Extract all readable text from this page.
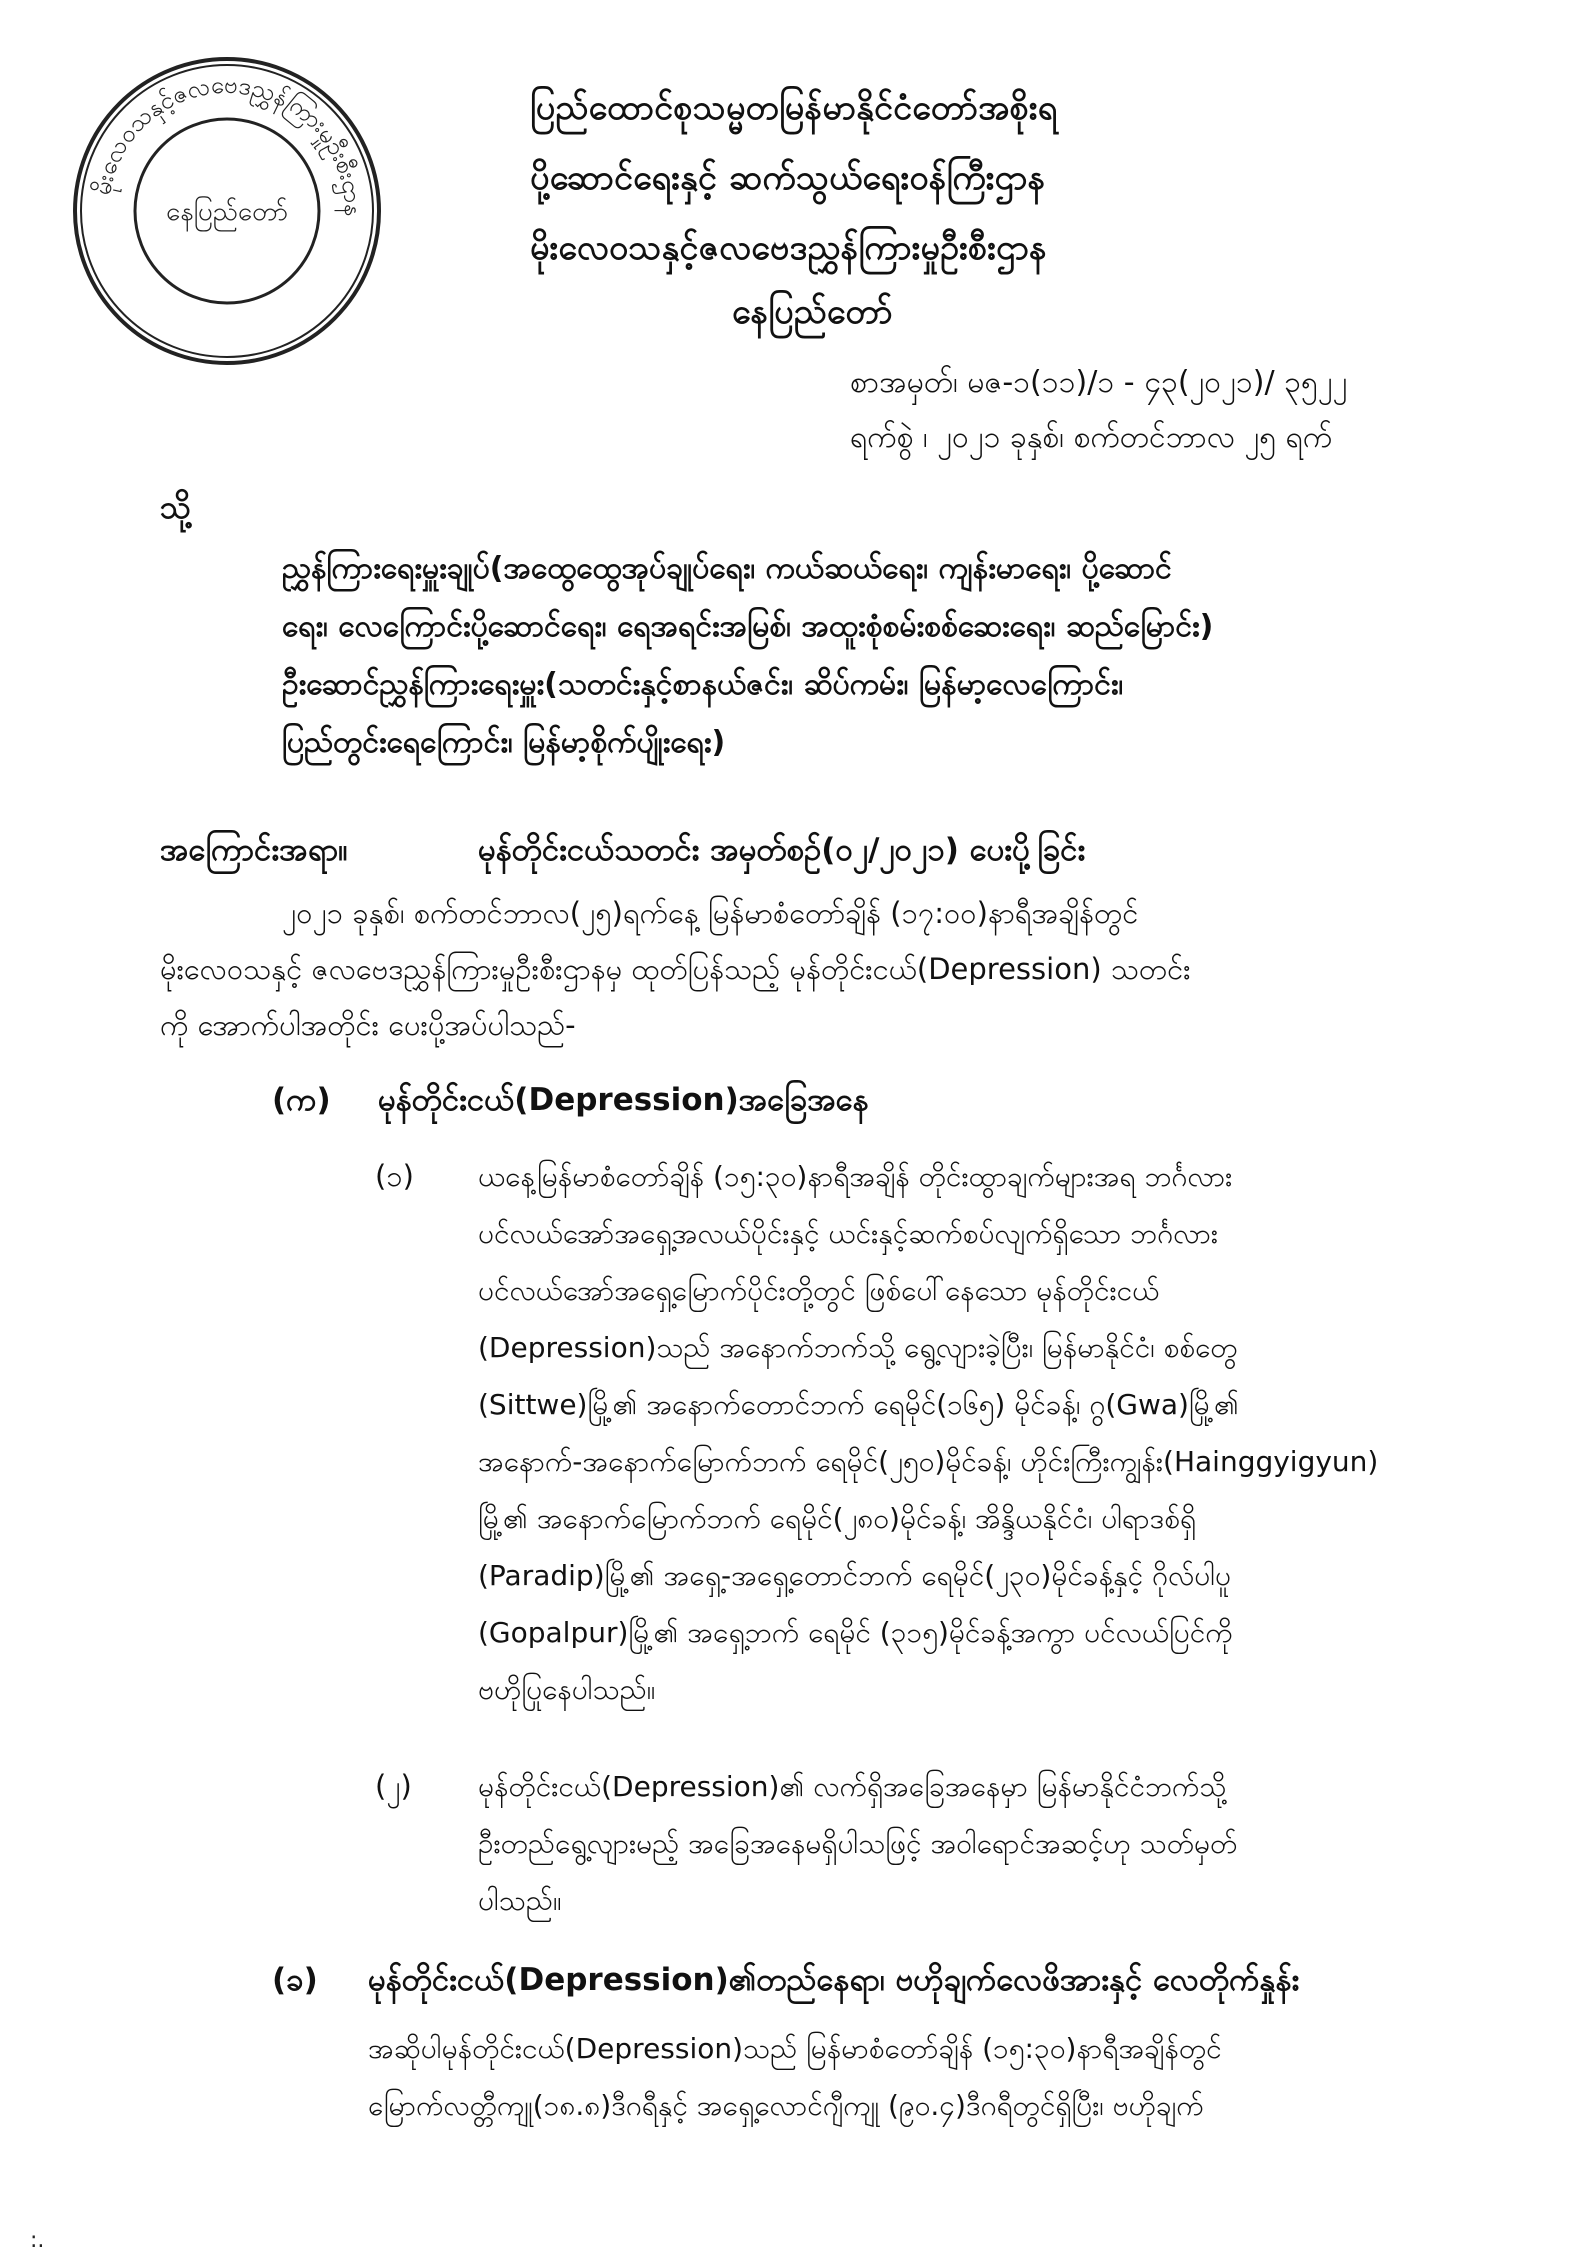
မိုးလေဝသနှင့်ဇလဗေဒညွှန်ကြားမှုဦးစီးဌာန
နေပြည်တော်
ပြည်ထောင်စုသမ္မတမြန်မာနိုင်ငံတော်အစိုးရ
ပို့ဆောင်ရေးနှင့် ဆက်သွယ်ရေးဝန်ကြီးဌာန
မိုးလေဝသနှင့်ဇလဗေဒညွှန်ကြားမှုဦးစီးဌာန
နေပြည်တော်
စာအမှတ်၊ မဇ-၁(၁၁)/၁ - ၄၃(၂၀၂၁)/ ၃၅၂၂
ရက်စွဲ ၊ ၂၀၂၁ ခုနှစ်၊ စက်တင်ဘာလ ၂၅ ရက်
သို့
ညွှန်ကြားရေးမှူးချုပ်(အထွေထွေအုပ်ချုပ်ရေး၊ ကယ်ဆယ်ရေး၊ ကျန်းမာရေး၊ ပို့ဆောင်
ရေး၊ လေကြောင်းပို့ဆောင်ရေး၊ ရေအရင်းအမြစ်၊ အထူးစုံစမ်းစစ်ဆေးရေး၊ ဆည်မြောင်း)
ဦးဆောင်ညွှန်ကြားရေးမှူး(သတင်းနှင့်စာနယ်ဇင်း၊ ဆိပ်ကမ်း၊ မြန်မာ့လေကြောင်း၊
ပြည်တွင်းရေကြောင်း၊ မြန်မာ့စိုက်ပျိုးရေး)
အကြောင်းအရာ။	မုန်တိုင်းငယ်သတင်း အမှတ်စဉ်(၀၂/၂၀၂၁) ပေးပို့ခြင်း
၂၀၂၁ ခုနှစ်၊ စက်တင်ဘာလ(၂၅)ရက်နေ့ မြန်မာစံတော်ချိန် (၁၇:၀၀)နာရီအချိန်တွင်
မိုးလေဝသနှင့် ဇလဗေဒညွှန်ကြားမှုဦးစီးဌာနမှ ထုတ်ပြန်သည့် မုန်တိုင်းငယ်(Depression) သတင်း
ကို အောက်ပါအတိုင်း ပေးပို့အပ်ပါသည်-
(က) မုန်တိုင်းငယ်(Depression)အခြေအနေ
(၁) ယနေ့မြန်မာစံတော်ချိန် (၁၅:၃၀)နာရီအချိန် တိုင်းထွာချက်များအရ ဘင်္ဂလား
ပင်လယ်အော်အရှေ့အလယ်ပိုင်းနှင့် ယင်းနှင့်ဆက်စပ်လျက်ရှိသော ဘင်္ဂလား
ပင်လယ်အော်အရှေ့မြောက်ပိုင်းတို့တွင် ဖြစ်ပေါ်နေသော မုန်တိုင်းငယ်
(Depression)သည် အနောက်ဘက်သို့ ရွေ့လျားခဲ့ပြီး၊ မြန်မာနိုင်ငံ၊ စစ်တွေ
(Sittwe)မြို့၏ အနောက်တောင်ဘက် ရေမိုင်(၁၆၅) မိုင်ခန့်၊ ဂွ(Gwa)မြို့၏
အနောက်-အနောက်မြောက်ဘက် ရေမိုင်(၂၅၀)မိုင်ခန့်၊ ဟိုင်းကြီးကျွန်း(Hainggyigyun)
မြို့၏ အနောက်မြောက်ဘက် ရေမိုင်(၂၈၀)မိုင်ခန့်၊ အိန္ဒိယနိုင်ငံ၊ ပါရာဒစ်ရှိ
(Paradip)မြို့၏ အရှေ့-အရှေ့တောင်ဘက် ရေမိုင်(၂၃၀)မိုင်ခန့်နှင့် ဂိုလ်ပါပူ
(Gopalpur)မြို့၏ အရှေ့ဘက် ရေမိုင် (၃၁၅)မိုင်ခန့်အကွာ ပင်လယ်ပြင်ကို
ဗဟိုပြုနေပါသည်။
(၂) မုန်တိုင်းငယ်(Depression)၏ လက်ရှိအခြေအနေမှာ မြန်မာနိုင်ငံဘက်သို့
ဦးတည်ရွေ့လျားမည့် အခြေအနေမရှိပါသဖြင့် အဝါရောင်အဆင့်ဟု သတ်မှတ်
ပါသည်။
(ခ) မုန်တိုင်းငယ်(Depression)၏တည်နေရာ၊ ဗဟိုချက်လေဖိအားနှင့် လေတိုက်နှုန်း
အဆိုပါမုန်တိုင်းငယ်(Depression)သည် မြန်မာစံတော်ချိန် (၁၅:၃၀)နာရီအချိန်တွင်
မြောက်လတ္တီကျု(၁၈.၈)ဒီဂရီနှင့် အရှေ့လောင်ဂျီကျု (၉၀.၄)ဒီဂရီတွင်ရှိပြီး၊ ဗဟိုချက်
:.
